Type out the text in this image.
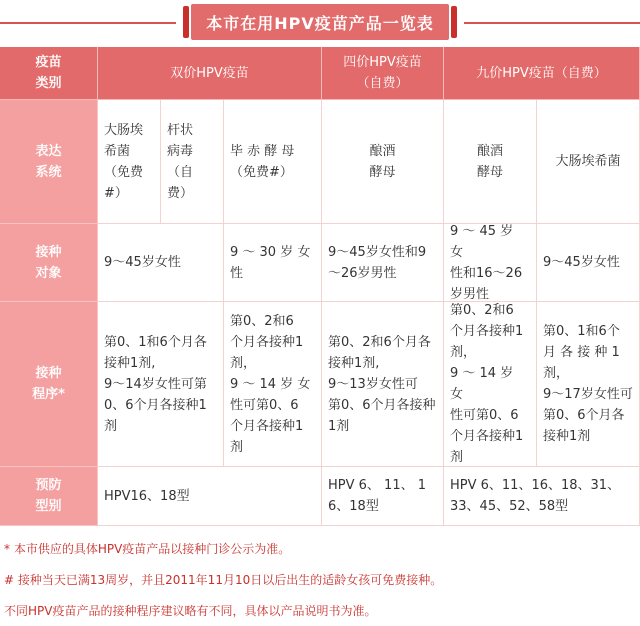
本市在用HPV疫苗产品一览表
疫苗
类别
双价HPV疫苗
四价HPV疫苗
（自费）
九价HPV疫苗（自费）
表达
系统
大肠埃
希菌
（免费
#）
杆状
病毒
（自
费）
毕 赤 酵 母
（免费#）
酿酒
酵母
酿酒
酵母
大肠埃希菌
接种
对象
9～45岁女性
9 ～ 30 岁 女
性
9～45岁女性和9
～26岁男性
9 ～ 45 岁 女
性和16～26
岁男性
9～45岁女性
接种
程序*
第0、1和6个月各
接种1剂,
9～14岁女性可第
0、6个月各接种1
剂
第0、2和6
个月各接种1
剂，
9 ～ 14 岁 女
性可第0、6
个月各接种1
剂
第0、2和6个月各
接种1剂,
9～13岁女性可
第0、6个月各接种
1剂
第0、2和6
个月各接种1
剂，
9 ～ 14 岁 女
性可第0、6
个月各接种1
剂
第0、1和6个
月 各 接 种 1
剂，
9～17岁女性可
第0、6个月各
接种1剂
预防
型别
HPV16、18型
HPV 6、 11、 1
6、18型
HPV 6、11、16、18、31、
33、45、52、58型
* 本市供应的具体HPV疫苗产品以接种门诊公示为准。
# 接种当天已满13周岁，并且2011年11月10日以后出生的适龄女孩可免费接种。
不同HPV疫苗产品的接种程序建议略有不同，具体以产品说明书为准。
